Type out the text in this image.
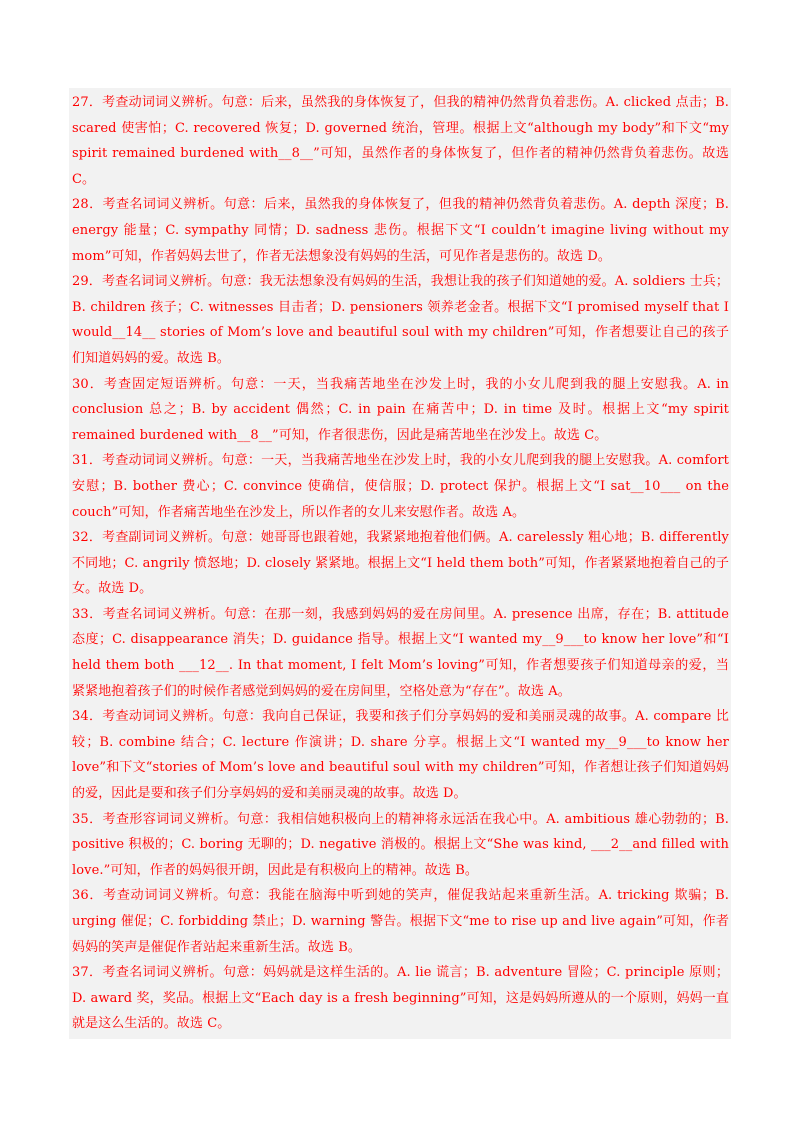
27．考查动词词义辨析。句意：后来，虽然我的身体恢复了，但我的精神仍然背负着悲伤。A. clicked 点击；B. scared 使害怕；C. recovered 恢复；D. governed 统治，管理。根据上文“although my body”和下文“my spirit remained burdened with__8__”可知，虽然作者的身体恢复了，但作者的精神仍然背负着悲伤。故选 C。

28．考查名词词义辨析。句意：后来，虽然我的身体恢复了，但我的精神仍然背负着悲伤。A. depth 深度；B. energy 能量；C. sympathy 同情；D. sadness 悲伤。根据下文“I couldn’t imagine living without my mom”可知，作者妈妈去世了，作者无法想象没有妈妈的生活，可见作者是悲伤的。故选 D。

29．考查名词词义辨析。句意：我无法想象没有妈妈的生活，我想让我的孩子们知道她的爱。A. soldiers 士兵；B. children 孩子；C. witnesses 目击者；D. pensioners 领养老金者。根据下文“I promised myself that I would__14__ stories of Mom’s love and beautiful soul with my children”可知，作者想要让自己的孩子们知道妈妈的爱。故选 B。

30．考查固定短语辨析。句意：一天，当我痛苦地坐在沙发上时，我的小女儿爬到我的腿上安慰我。A. in conclusion 总之；B. by accident 偶然；C. in pain 在痛苦中；D. in time 及时。根据上文“my spirit remained burdened with__8__”可知，作者很悲伤，因此是痛苦地坐在沙发上。故选 C。

31．考查动词词义辨析。句意：一天，当我痛苦地坐在沙发上时，我的小女儿爬到我的腿上安慰我。A. comfort 安慰；B. bother 费心；C. convince 使确信，使信服；D. protect 保护。根据上文“I sat__10___ on the couch”可知，作者痛苦地坐在沙发上，所以作者的女儿来安慰作者。故选 A。

32．考查副词词义辨析。句意：她哥哥也跟着她，我紧紧地抱着他们俩。A. carelessly 粗心地；B. differently 不同地；C. angrily 愤怒地；D. closely 紧紧地。根据上文“I held them both”可知，作者紧紧地抱着自己的子女。故选 D。

33．考查名词词义辨析。句意：在那一刻，我感到妈妈的爱在房间里。A. presence 出席，存在；B. attitude 态度；C. disappearance 消失；D. guidance 指导。根据上文“I wanted my__9___to know her love”和“I held them both ___12__. In that moment, I felt Mom’s loving”可知，作者想要孩子们知道母亲的爱，当紧紧地抱着孩子们的时候作者感觉到妈妈的爱在房间里，空格处意为“存在”。故选 A。

34．考查动词词义辨析。句意：我向自己保证，我要和孩子们分享妈妈的爱和美丽灵魂的故事。A. compare 比较；B. combine 结合；C. lecture 作演讲；D. share 分享。根据上文“I wanted my__9___to know her love”和下文“stories of Mom’s love and beautiful soul with my children”可知，作者想让孩子们知道妈妈的爱，因此是要和孩子们分享妈妈的爱和美丽灵魂的故事。故选 D。

35．考查形容词词义辨析。句意：我相信她积极向上的精神将永远活在我心中。A. ambitious 雄心勃勃的；B. positive 积极的；C. boring 无聊的；D. negative 消极的。根据上文“She was kind, ___2__and filled with love.”可知，作者的妈妈很开朗，因此是有积极向上的精神。故选 B。

36．考查动词词义辨析。句意：我能在脑海中听到她的笑声，催促我站起来重新生活。A. tricking 欺骗；B. urging 催促；C. forbidding 禁止；D. warning 警告。根据下文“me to rise up and live again”可知，作者妈妈的笑声是催促作者站起来重新生活。故选 B。

37．考查名词词义辨析。句意：妈妈就是这样生活的。A. lie 谎言；B. adventure 冒险；C. principle 原则；D. award 奖，奖品。根据上文“Each day is a fresh beginning”可知，这是妈妈所遵从的一个原则，妈妈一直就是这么生活的。故选 C。
